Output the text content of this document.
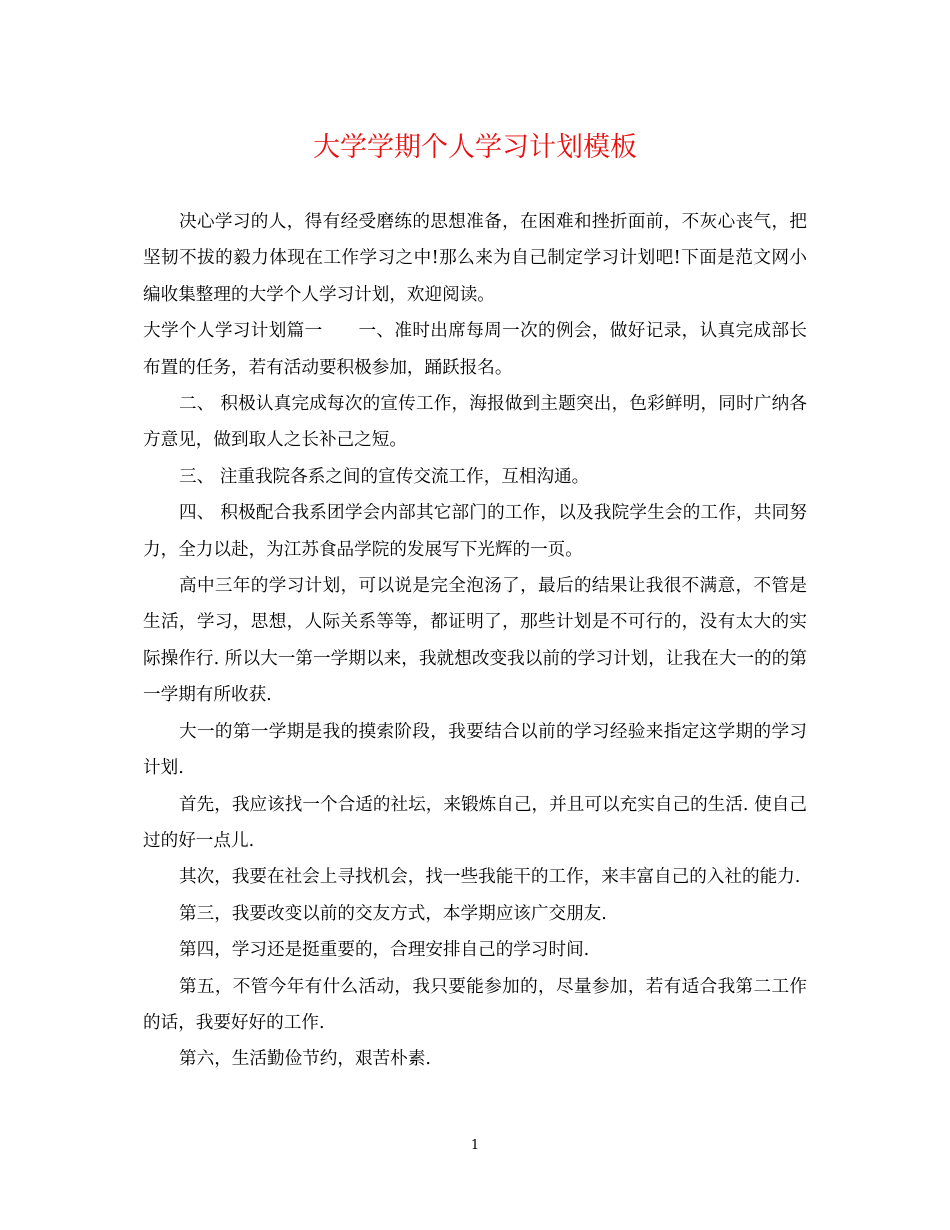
大学学期个人学习计划模板

决心学习的人，得有经受磨练的思想准备，在困难和挫折面前，不灰心丧气，把坚韧不拔的毅力体现在工作学习之中!那么来为自己制定学习计划吧!下面是范文网小编收集整理的大学个人学习计划，欢迎阅读。

大学个人学习计划篇一　　一、准时出席每周一次的例会，做好记录，认真完成部长布置的任务，若有活动要积极参加，踊跃报名。

二、 积极认真完成每次的宣传工作，海报做到主题突出，色彩鲜明，同时广纳各方意见，做到取人之长补己之短。

三、 注重我院各系之间的宣传交流工作，互相沟通。

四、 积极配合我系团学会内部其它部门的工作，以及我院学生会的工作，共同努力，全力以赴，为江苏食品学院的发展写下光辉的一页。

高中三年的学习计划，可以说是完全泡汤了，最后的结果让我很不满意，不管是生活，学习，思想，人际关系等等，都证明了，那些计划是不可行的，没有太大的实际操作行. 所以大一第一学期以来，我就想改变我以前的学习计划，让我在大一的的第一学期有所收获.

大一的第一学期是我的摸索阶段，我要结合以前的学习经验来指定这学期的学习计划.

首先，我应该找一个合适的社坛，来锻炼自己，并且可以充实自己的生活. 使自己过的好一点儿.

其次，我要在社会上寻找机会，找一些我能干的工作，来丰富自己的入社的能力.

第三，我要改变以前的交友方式，本学期应该广交朋友.

第四，学习还是挺重要的，合理安排自己的学习时间.

第五，不管今年有什么活动，我只要能参加的，尽量参加，若有适合我第二工作的话，我要好好的工作.

第六，生活勤俭节约，艰苦朴素.

1
